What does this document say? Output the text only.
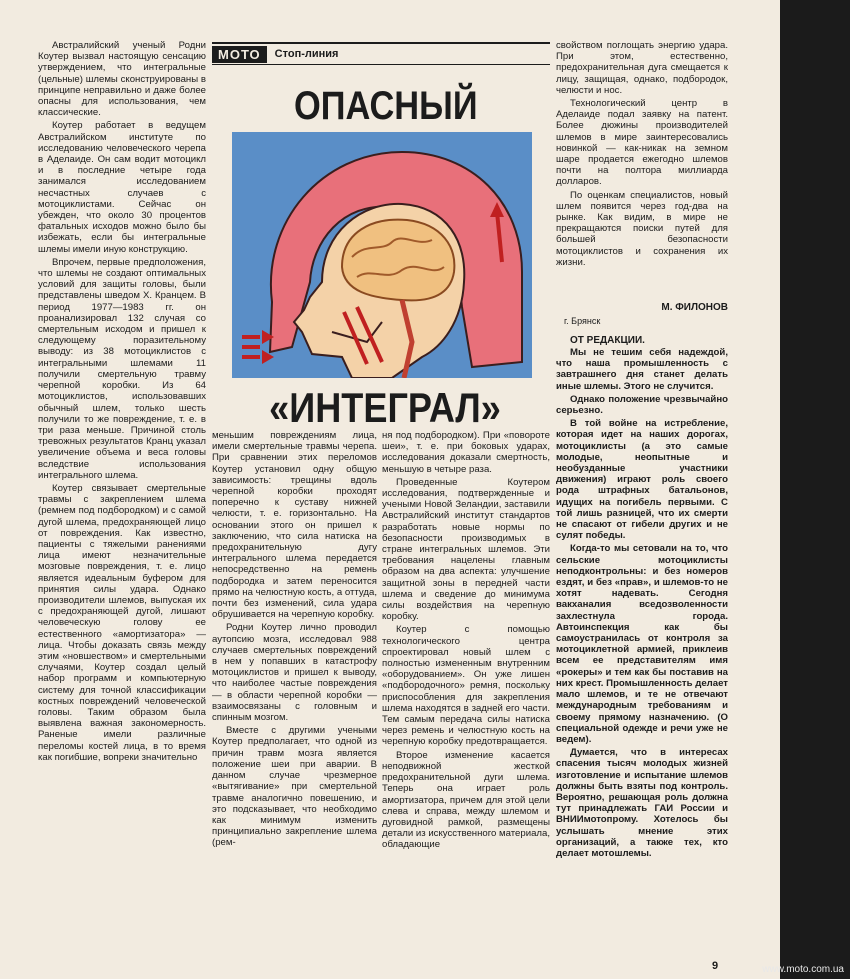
Австралийский ученый Родни Коутер вызвал настоящую сенсацию утверждением, что интегральные (цельные) шлемы сконструированы в принципе неправильно и даже более опасны для использования, чем классические.

Коутер работает в ведущем Австралийском институте по исследованию человеческого черепа в Аделаиде. Он сам водит мотоцикл и в последние четыре года занимался исследованием несчастных случаев с мотоциклистами. Сейчас он убежден, что около 30 процентов фатальных исходов можно было бы избежать, если бы интегральные шлемы имели иную конструкцию.

Впрочем, первые предположения, что шлемы не создают оптимальных условий для защиты головы, были представлены шведом Х. Кранцем. В период 1977—1983 гг. он проанализировал 132 случая со смертельным исходом и пришел к следующему поразительному выводу: из 38 мотоциклистов с интегральными шлемами 11 получили смертельную травму черепной коробки. Из 64 мотоциклистов, использовавших обычный шлем, только шесть получили то же повреждение, т. е. в три раза меньше. Причиной столь тревожных результатов Кранц указал увеличение объема и веса головы вследствие использования интегрального шлема.

Коутер связывает смертельные травмы с закреплением шлема (ремнем под подбородком) и с самой дугой шлема, предохраняющей лицо от повреждения. Как известно, пациенты с тяжелыми ранениями лица имеют незначительные мозговые повреждения, т. е. лицо является идеальным буфером для принятия силы удара. Однако производители шлемов, выпуская их с предохраняющей дугой, лишают человеческую голову ее естественного «амортизатора» — лица. Чтобы доказать связь между этим «новшеством» и смертельными случаями, Коутер создал целый набор программ и компьютерную систему для точной классификации костных повреждений человеческой головы. Таким образом была выявлена важная закономерность. Раненые имели различные переломы костей лица, в то время как погибшие, вопреки значительно

МОТО	Стоп-линия
ОПАСНЫЙ
«ИНТЕГРАЛ»

меньшим повреждениям лица, имели смертельные травмы черепа. При сравнении этих переломов Коутер установил одну общую зависимость: трещины вдоль черепной коробки проходят поперечно к суставу нижней челюсти, т. е. горизонтально. На основании этого он пришел к заключению, что сила натиска на предохранительную дугу интегрального шлема передается непосредственно на ремень подбородка и затем переносится прямо на челюстную кость, а оттуда, почти без изменений, сила удара обрушивается на черепную коробку.

Родни Коутер лично проводил аутопсию мозга, исследовал 988 случаев смертельных повреждений в нем у попавших в катастрофу мотоциклистов и пришел к выводу, что наиболее частые повреждения — в области черепной коробки — взаимосвязаны с головным и спинным мозгом.

Вместе с другими учеными Коутер предполагает, что одной из причин травм мозга является положение шеи при аварии. В данном случае чрезмерное «вытягивание» при смертельной травме аналогично повешению, и это подсказывает, что необходимо как минимум изменить принципиально закрепление шлема (рем-

ня под подбородком). При «повороте шеи», т. е. при боковых ударах, исследования доказали смертность, меньшую в четыре раза.

Проведенные Коутером исследования, подтвержденные и учеными Новой Зеландии, заставили Австралийский институт стандартов разработать новые нормы по безопасности производимых в стране интегральных шлемов. Эти требования нацелены главным образом на два аспекта: улучшение защитной зоны в передней части шлема и сведение до минимума силы воздействия на черепную коробку.

Коутер с помощью технологического центра спроектировал новый шлем с полностью измененным внутренним «оборудованием». Он уже лишен «подбородочного» ремня, поскольку приспособления для закрепления шлема находятся в задней его части. Тем самым передача силы натиска через ремень и челюстную кость на черепную коробку предотвращается.

Второе изменение касается неподвижной жесткой предохранительной дуги шлема. Теперь она играет роль амортизатора, причем для этой цели слева и справа, между шлемом и дуговидной рамкой, размещены детали из искусственного материала, обладающие

свойством поглощать энергию удара. При этом, естественно, предохранительная дуга смещается к лицу, защищая, однако, подбородок, челюсти и нос.

Технологический центр в Аделаиде подал заявку на патент. Более дюжины производителей шлемов в мире заинтересовались новинкой — как-никак на земном шаре продается ежегодно шлемов почти на полтора миллиарда долларов.

По оценкам специалистов, новый шлем появится через год-два на рынке. Как видим, в мире не прекращаются поиски путей для большей безопасности мотоциклистов и сохранения их жизни.

М. ФИЛОНОВ
г. Брянск
ОТ РЕДАКЦИИ.

Мы не тешим себя надеждой, что наша промышленность с завтрашнего дня станет делать иные шлемы. Этого не случится.

Однако положение чрезвычайно серьезно.

В той войне на истреблениe, которая идет на наших дорогах, мотоциклисты (а это самые молодые, неопытные и необузданные участники движения) играют роль своего рода штрафных батальонов, идущих на погибель первыми. С той лишь разницей, что их смерти не спасают от гибели других и не сулят победы.

Когда-то мы сетовали на то, что сельские мотоциклисты неподконтрольны: и без номеров ездят, и без «прав», и шлемов-то не хотят надевать. Сегодня вакханалия вседозволенности захлестнула города. Автоинспекция как бы самоустранилась от контроля за мотоциклетной армией, приклеив всем ее представителям имя «рокеры» и тем как бы поставив на них крест. Промышленность делает мало шлемов, и те не отвечают международным требованиям и своему прямому назначению. (О специальной одежде и речи уже не ведем).

Думается, что в интересах спасения тысяч молодых жизней изготовление и испытание шлемов должны быть взяты под контроль. Вероятно, решающая роль должна тут принадлежать ГАИ России и ВНИИмотопрому. Хотелось бы услышать мнение этих организаций, а также тех, кто делает мотошлемы.

9	www.moto.com.ua
